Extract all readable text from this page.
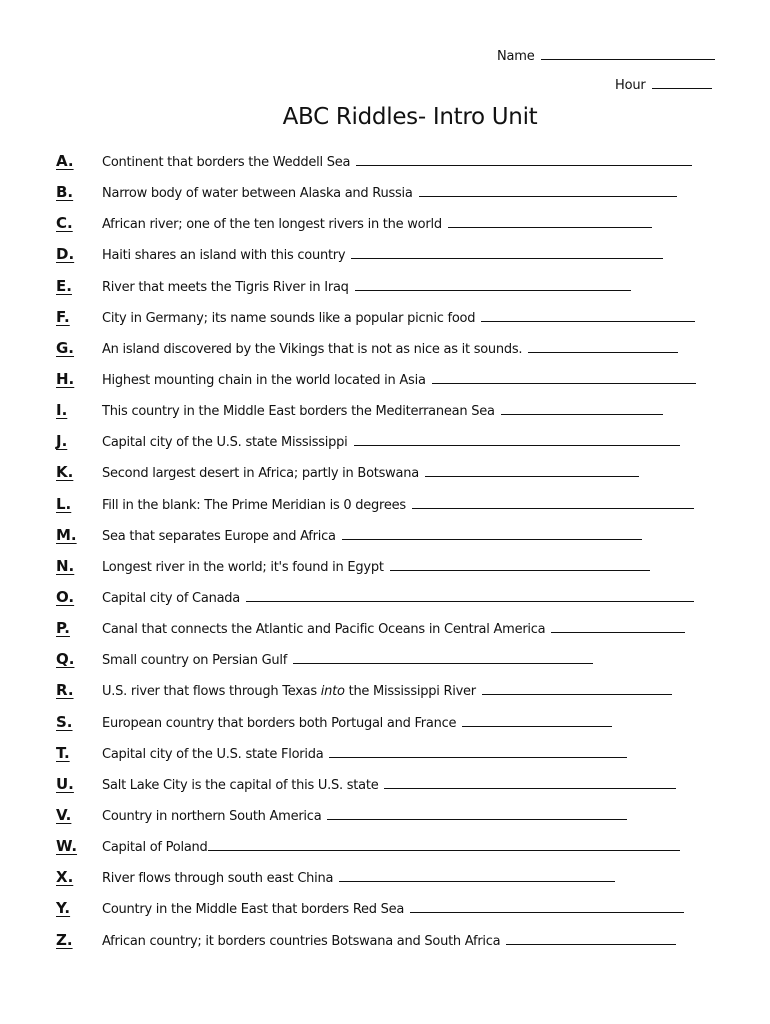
Name
Hour
ABC Riddles- Intro Unit
A.	Continent that borders the Weddell Sea
B.	Narrow body of water between Alaska and Russia
C.	African river; one of the ten longest rivers in the world
D.	Haiti shares an island with this country
E.	River that meets the Tigris River in Iraq
F.	City in Germany; its name sounds like a popular picnic food
G.	An island discovered by the Vikings that is not as nice as it sounds.
H.	Highest mounting chain in the world located in Asia
I.	This country in the Middle East borders the Mediterranean Sea
J.	Capital city of the U.S. state Mississippi
K.	Second largest desert in Africa; partly in Botswana
L.	Fill in the blank: The Prime Meridian is 0 degrees
M.	Sea that separates Europe and Africa
N.	Longest river in the world; it's found in Egypt
O.	Capital city of Canada
P.	Canal that connects the Atlantic and Pacific Oceans in Central America
Q.	Small country on Persian Gulf
R.	U.S. river that flows through Texas into the Mississippi River
S.	European country that borders both Portugal and France
T.	Capital city of the U.S. state Florida
U.	Salt Lake City is the capital of this U.S. state
V.	Country in northern South America
W.	Capital of Poland
X.	River flows through south east China
Y.	Country in the Middle East that borders Red Sea
Z.	African country; it borders countries Botswana and South Africa
